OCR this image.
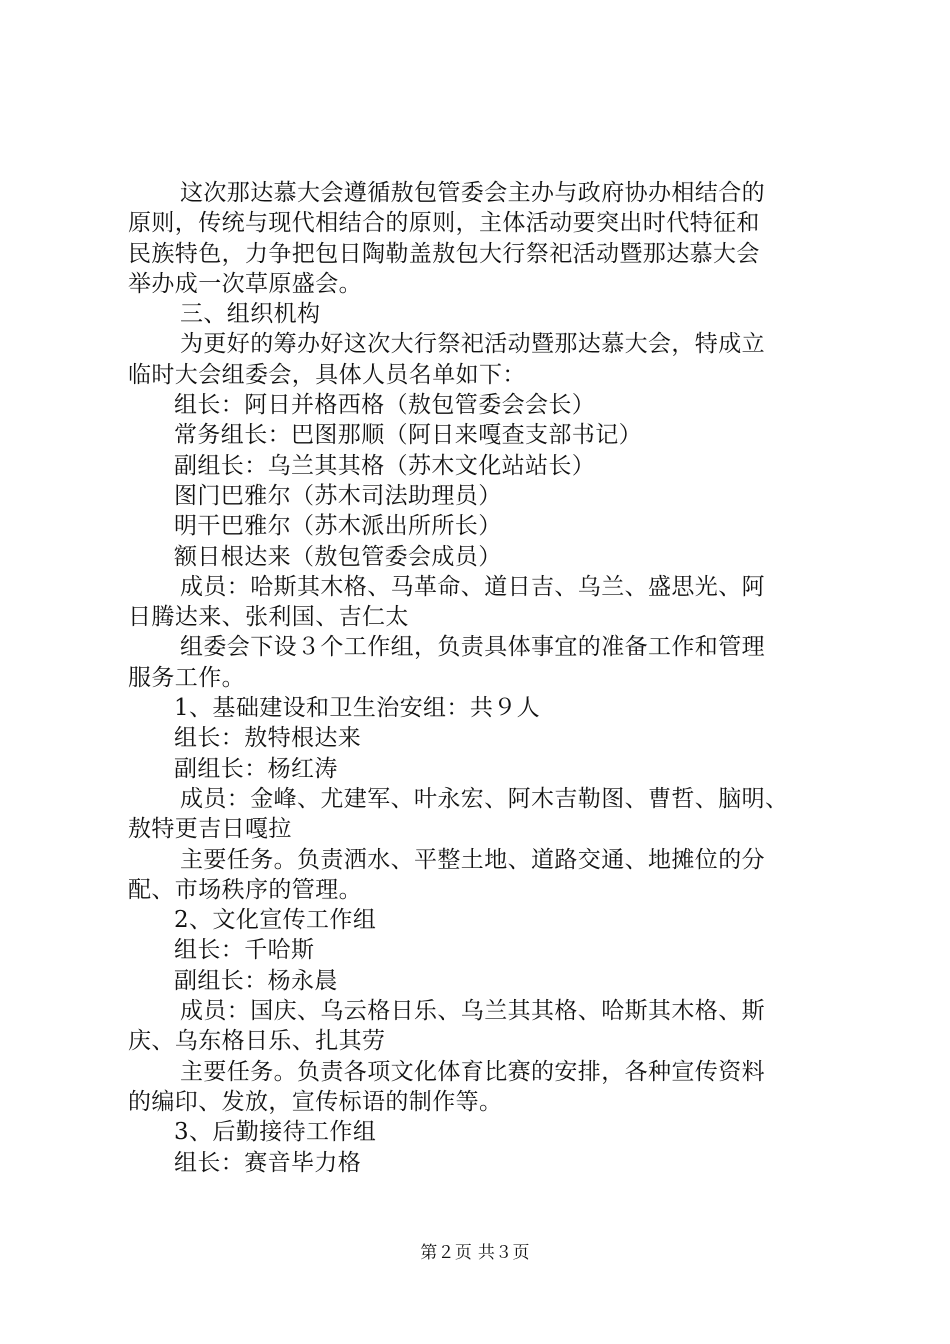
这次那达慕大会遵循敖包管委会主办与政府协办相结合的
原则，传统与现代相结合的原则，主体活动要突出时代特征和
民族特色，力争把包日陶勒盖敖包大行祭祀活动暨那达慕大会
举办成一次草原盛会。
三、组织机构
为更好的筹办好这次大行祭祀活动暨那达慕大会，特成立
临时大会组委会，具体人员名单如下：
组长：阿日并格西格（敖包管委会会长）
常务组长：巴图那顺（阿日来嘎查支部书记）
副组长：乌兰其其格（苏木文化站站长）
图门巴雅尔（苏木司法助理员）
明干巴雅尔（苏木派出所所长）
额日根达来（敖包管委会成员）
成员：哈斯其木格、马革命、道日吉、乌兰、盛思光、阿
日腾达来、张利国、吉仁太
组委会下设３个工作组，负责具体事宜的准备工作和管理
服务工作。
1、基础建设和卫生治安组：共９人
组长：敖特根达来
副组长：杨红涛
成员：金峰、尤建军、叶永宏、阿木吉勒图、曹哲、脑明、
敖特更吉日嘎拉
主要任务。负责洒水、平整土地、道路交通、地摊位的分
配、市场秩序的管理。
2、文化宣传工作组
组长：千哈斯
副组长：杨永晨
成员：国庆、乌云格日乐、乌兰其其格、哈斯其木格、斯
庆、乌东格日乐、扎其劳
主要任务。负责各项文化体育比赛的安排，各种宣传资料
的编印、发放，宣传标语的制作等。
3、后勤接待工作组
组长：赛音毕力格
第２页 共３页
